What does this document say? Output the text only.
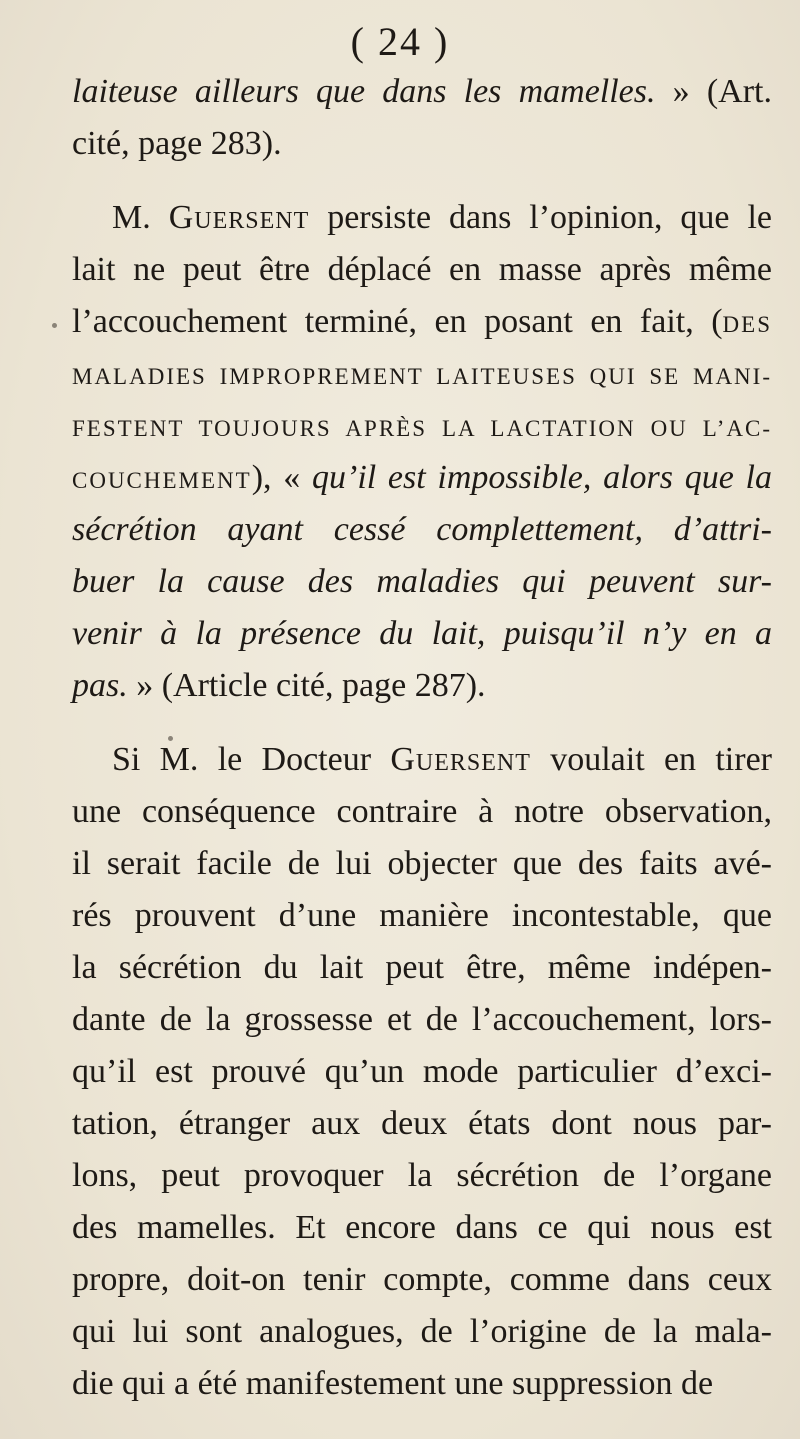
( 24 )
laiteuse ailleurs que dans les mamelles. » (Art.
cité, page 283).
M. Guersent persiste dans l’opinion, que le
lait ne peut être déplacé en masse après même
l’accouchement terminé, en posant en fait, (DES
MALADIES IMPROPREMENT LAITEUSES QUI SE MANI-
FESTENT TOUJOURS APRÈS LA LACTATION OU L’AC-
COUCHEMENT), « qu’il est impossible, alors que la
sécrétion ayant cessé complettement, d’attri-
buer la cause des maladies qui peuvent sur-
venir à la présence du lait, puisqu’il n’y en a
pas. » (Article cité, page 287).
Si M. le Docteur Guersent voulait en tirer
une conséquence contraire à notre observation,
il serait facile de lui objecter que des faits avé-
rés prouvent d’une manière incontestable, que
la sécrétion du lait peut être, même indépen-
dante de la grossesse et de l’accouchement, lors-
qu’il est prouvé qu’un mode particulier d’exci-
tation, étranger aux deux états dont nous par-
lons, peut provoquer la sécrétion de l’organe
des mamelles. Et encore dans ce qui nous est
propre, doit-on tenir compte, comme dans ceux
qui lui sont analogues, de l’origine de la mala-
die qui a été manifestement une suppression de
